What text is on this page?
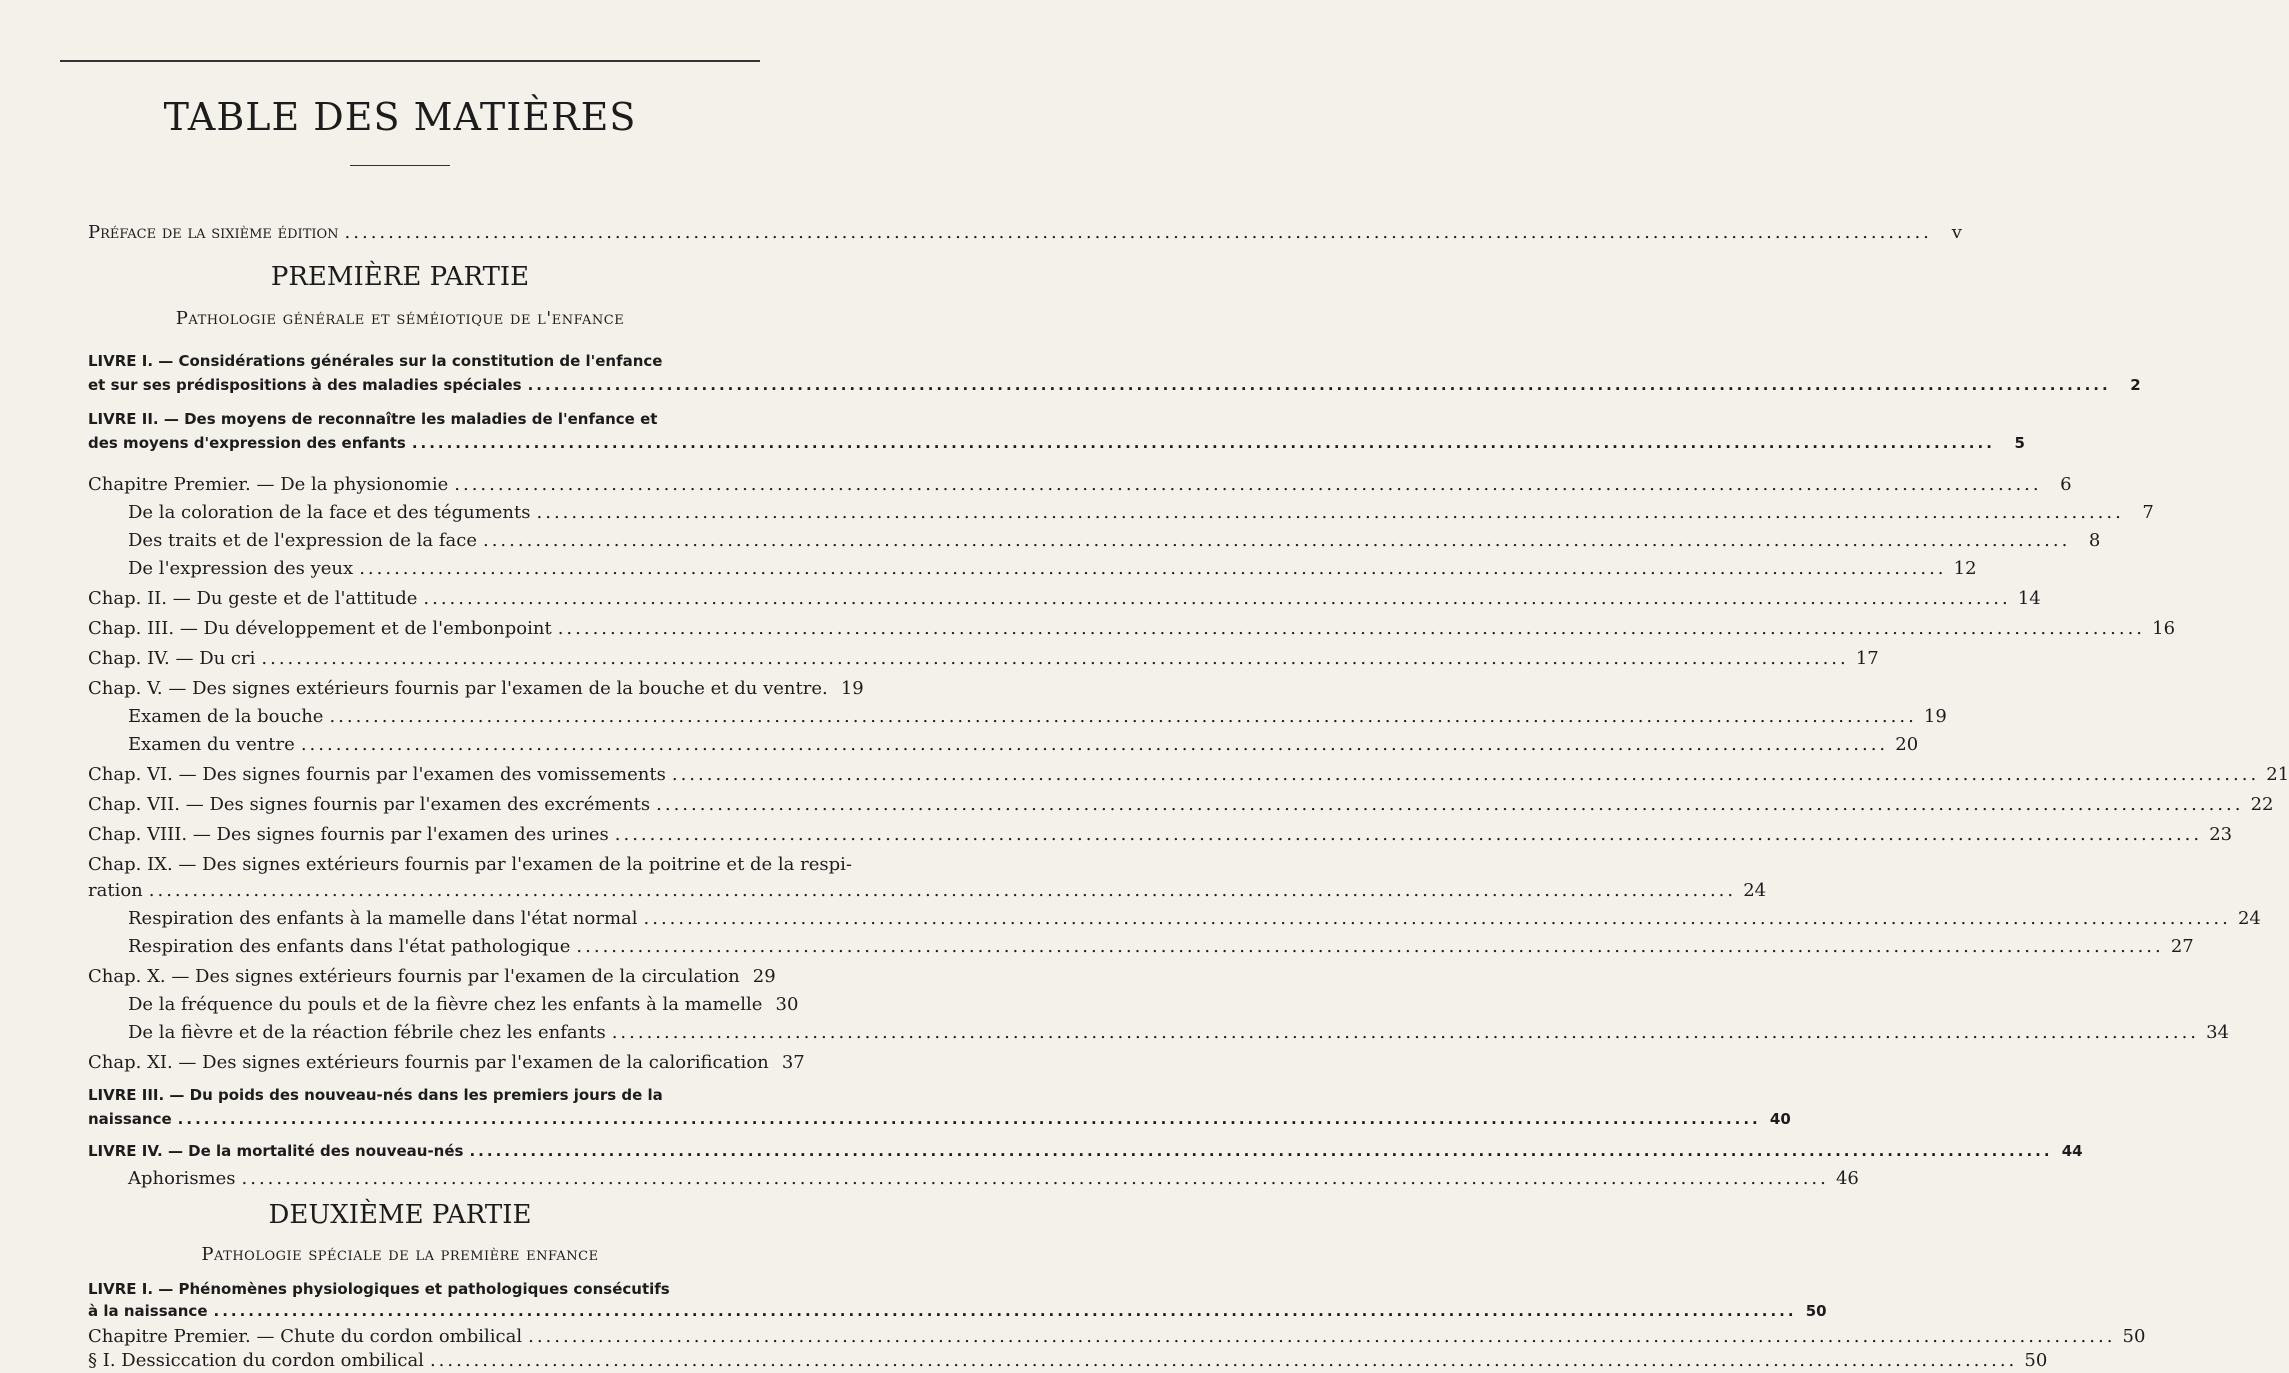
TABLE DES MATIÈRES
Préface de la sixième édition .....	v
PREMIÈRE PARTIE
Pathologie générale et séméiotique de l'enfance
LIVRE I. — Considérations générales sur la constitution de l'enfance
et sur ses prédispositions à des maladies spéciales .....	2
LIVRE II. — Des moyens de reconnaître les maladies de l'enfance et
des moyens d'expression des enfants .....	5
Chapitre Premier. — De la physionomie .....	6
De la coloration de la face et des téguments .....	7
Des traits et de l'expression de la face .....	8
De l'expression des yeux .....	12
Chap. II. — Du geste et de l'attitude .....	14
Chap. III. — Du développement et de l'embonpoint .....	16
Chap. IV. — Du cri .....	17
Chap. V. — Des signes extérieurs fournis par l'examen de la bouche et du ventre. 19
Examen de la bouche .....	19
Examen du ventre .....	20
Chap. VI. — Des signes fournis par l'examen des vomissements .....	21
Chap. VII. — Des signes fournis par l'examen des excréments .....	22
Chap. VIII. — Des signes fournis par l'examen des urines .....	23
Chap. IX. — Des signes extérieurs fournis par l'examen de la poitrine et de la respi-
ration .....	24
Respiration des enfants à la mamelle dans l'état normal .....	24
Respiration des enfants dans l'état pathologique .....	27
Chap. X. — Des signes extérieurs fournis par l'examen de la circulation 29
De la fréquence du pouls et de la fièvre chez les enfants à la mamelle 30
De la fièvre et de la réaction fébrile chez les enfants .....	34
Chap. XI. — Des signes extérieurs fournis par l'examen de la calorification 37
LIVRE III. — Du poids des nouveau-nés dans les premiers jours de la
naissance .....	40
LIVRE IV. — De la mortalité des nouveau-nés .....	44
Aphorismes .....	46
DEUXIÈME PARTIE
Pathologie spéciale de la première enfance
LIVRE I. — Phénomènes physiologiques et pathologiques consécutifs
à la naissance .....	50
Chapitre Premier. — Chute du cordon ombilical .....	50
§ I. Dessiccation du cordon ombilical .....	50
